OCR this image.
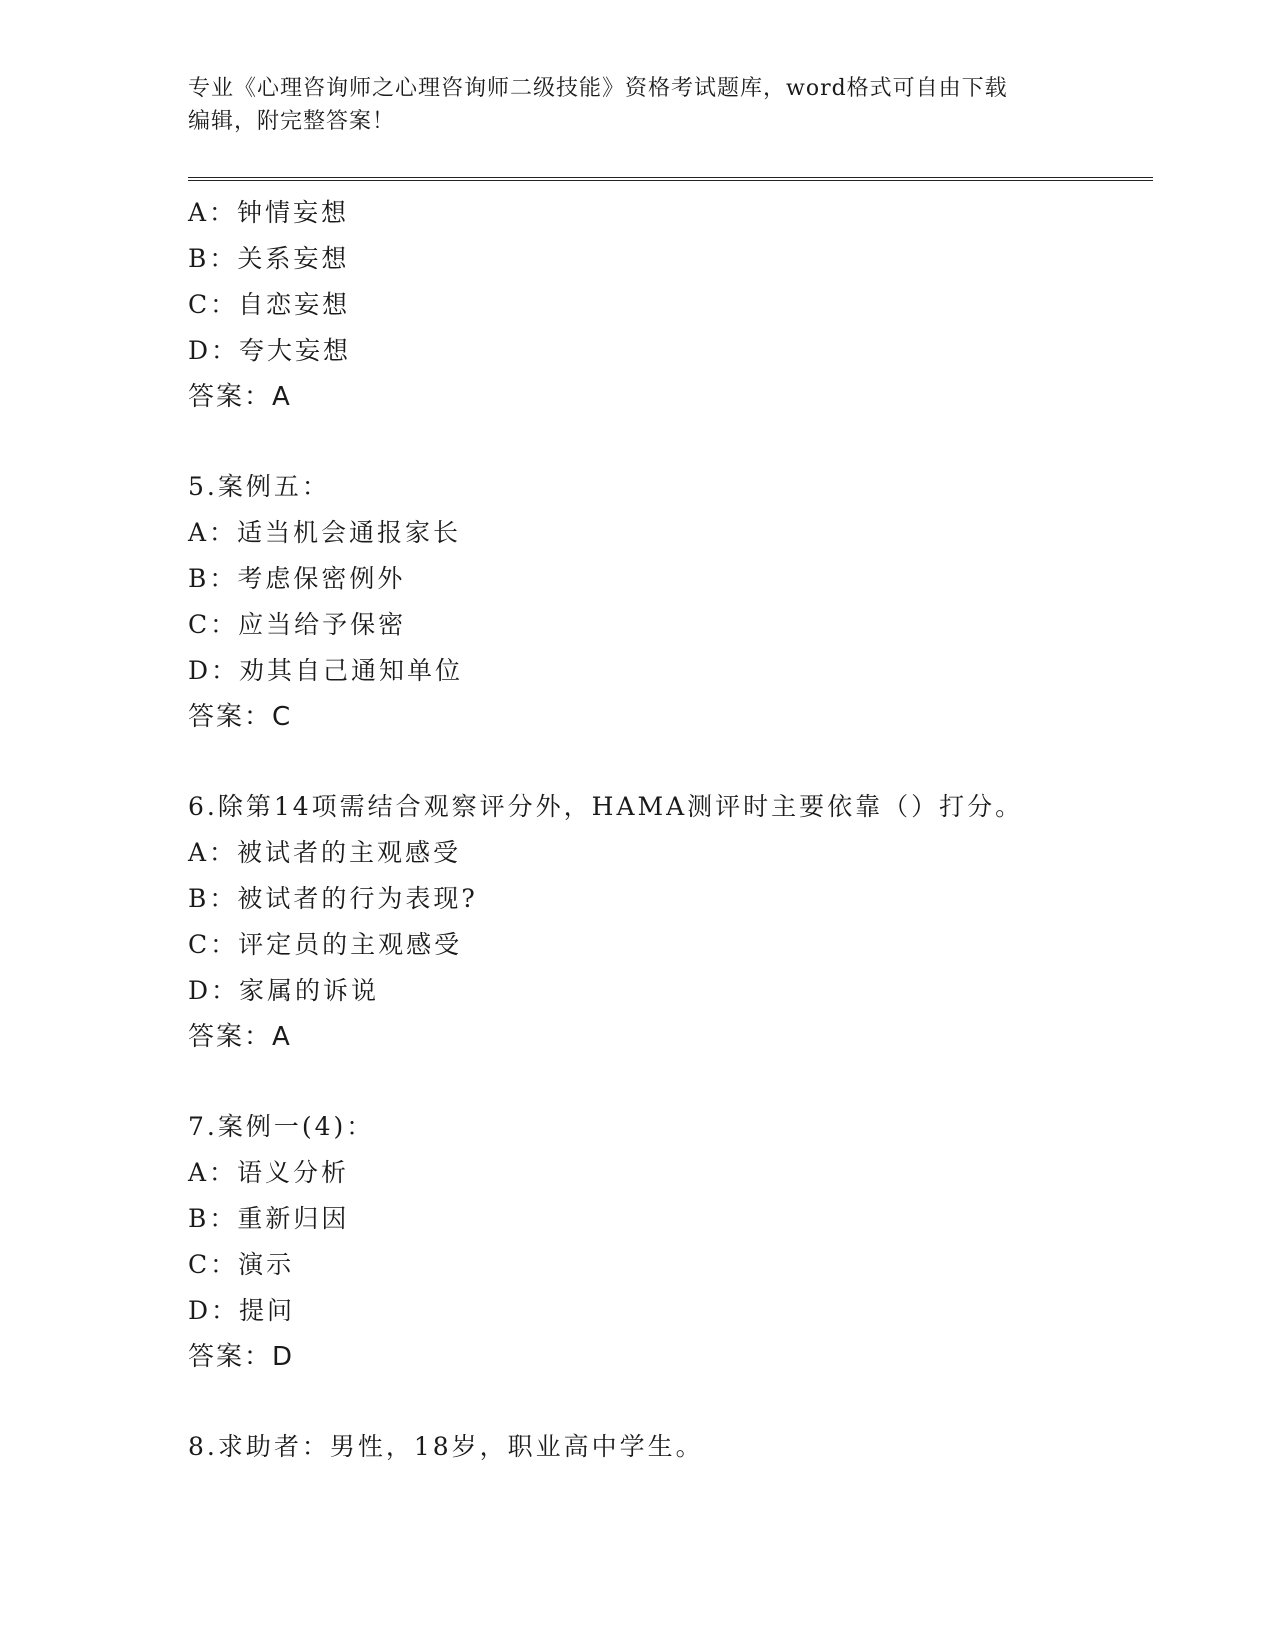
专业《心理咨询师之心理咨询师二级技能》资格考试题库，word格式可自由下载
编辑，附完整答案！
A：钟情妄想
B：关系妄想
C：自恋妄想
D：夸大妄想
答案：A
5.案例五：
A：适当机会通报家长
B：考虑保密例外
C：应当给予保密
D：劝其自己通知单位
答案：C
6.除第14项需结合观察评分外，HAMA测评时主要依靠（）打分。
A：被试者的主观感受
B：被试者的行为表现?
C：评定员的主观感受
D：家属的诉说
答案：A
7.案例一(4)：
A：语义分析
B：重新归因
C：演示
D：提问
答案：D
8.求助者：男性，18岁，职业高中学生。
